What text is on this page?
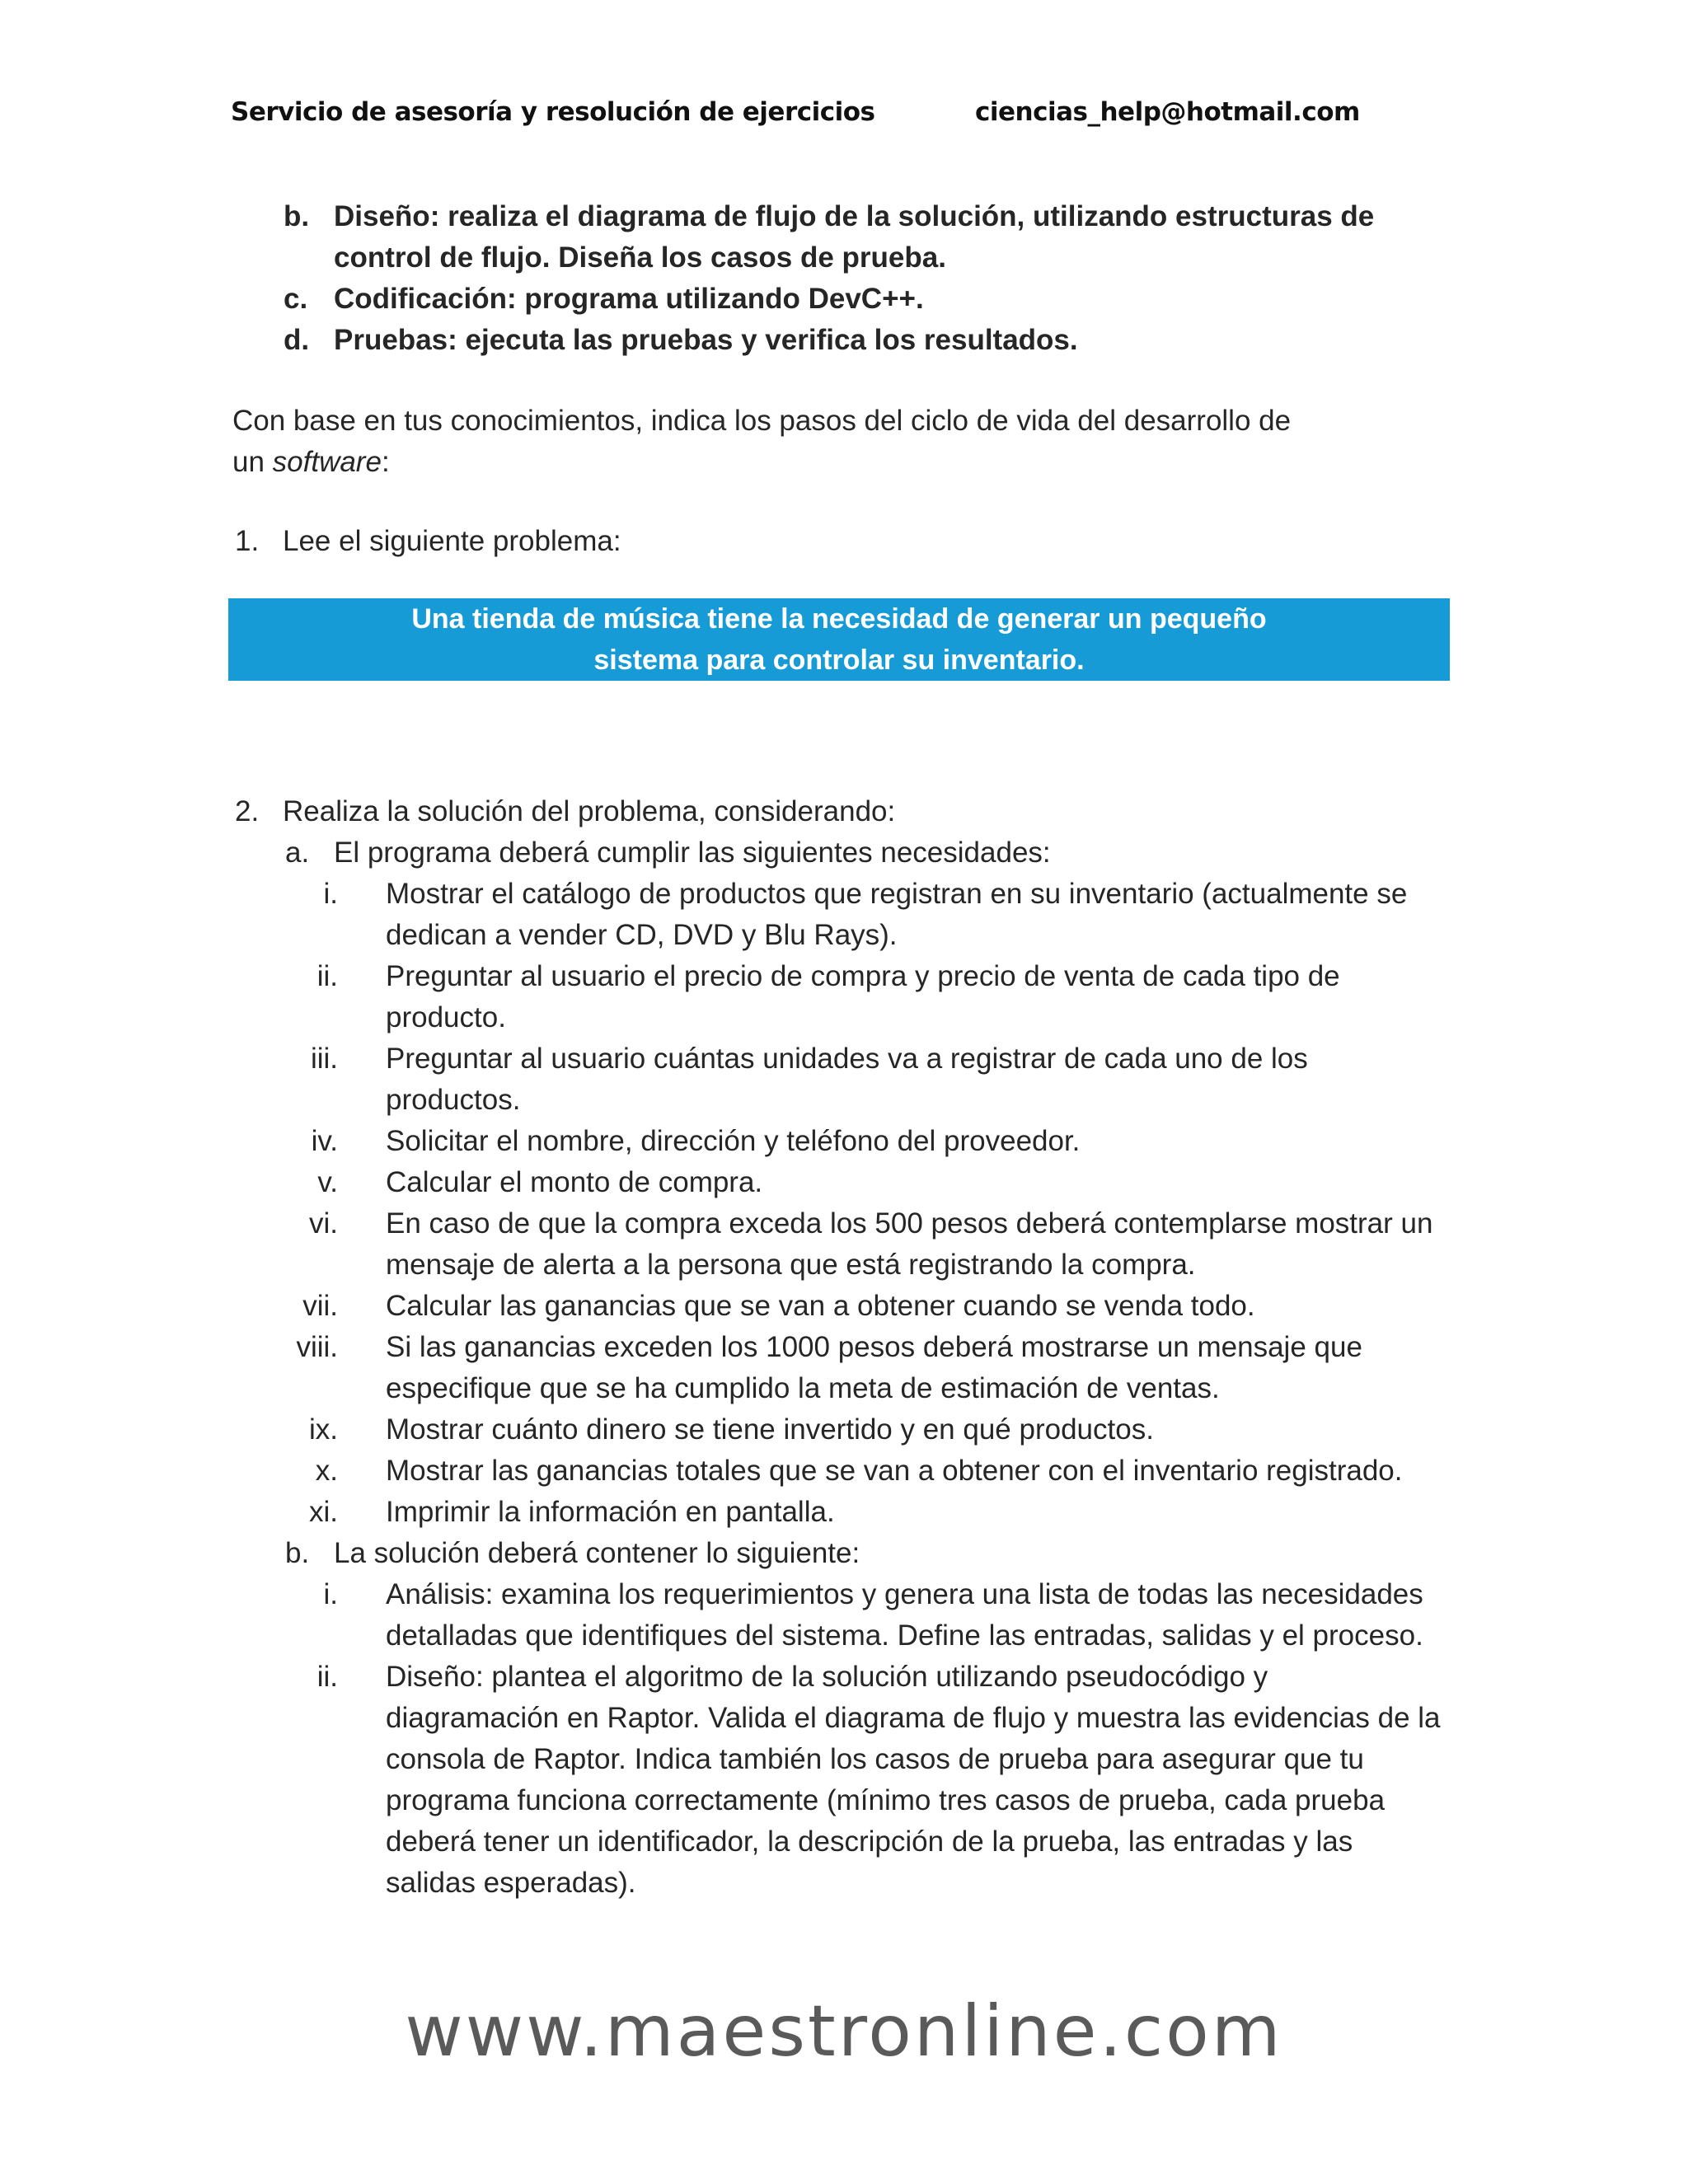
Servicio de asesoría y resolución de ejercicios	ciencias_help@hotmail.com
b. Diseño: realiza el diagrama de flujo de la solución, utilizando estructuras de
control de flujo. Diseña los casos de prueba.
c. Codificación: programa utilizando DevC++.
d. Pruebas: ejecuta las pruebas y verifica los resultados.
Con base en tus conocimientos, indica los pasos del ciclo de vida del desarrollo de
un software:
1. Lee el siguiente problema:
Una tienda de música tiene la necesidad de generar un pequeño
sistema para controlar su inventario.
2. Realiza la solución del problema, considerando:
a. El programa deberá cumplir las siguientes necesidades:
i. Mostrar el catálogo de productos que registran en su inventario (actualmente se
dedican a vender CD, DVD y Blu Rays).
ii. Preguntar al usuario el precio de compra y precio de venta de cada tipo de
producto.
iii. Preguntar al usuario cuántas unidades va a registrar de cada uno de los
productos.
iv. Solicitar el nombre, dirección y teléfono del proveedor.
v. Calcular el monto de compra.
vi. En caso de que la compra exceda los 500 pesos deberá contemplarse mostrar un
mensaje de alerta a la persona que está registrando la compra.
vii. Calcular las ganancias que se van a obtener cuando se venda todo.
viii. Si las ganancias exceden los 1000 pesos deberá mostrarse un mensaje que
especifique que se ha cumplido la meta de estimación de ventas.
ix. Mostrar cuánto dinero se tiene invertido y en qué productos.
x. Mostrar las ganancias totales que se van a obtener con el inventario registrado.
xi. Imprimir la información en pantalla.
b. La solución deberá contener lo siguiente:
i. Análisis: examina los requerimientos y genera una lista de todas las necesidades
detalladas que identifiques del sistema. Define las entradas, salidas y el proceso.
ii. Diseño: plantea el algoritmo de la solución utilizando pseudocódigo y
diagramación en Raptor. Valida el diagrama de flujo y muestra las evidencias de la
consola de Raptor. Indica también los casos de prueba para asegurar que tu
programa funciona correctamente (mínimo tres casos de prueba, cada prueba
deberá tener un identificador, la descripción de la prueba, las entradas y las
salidas esperadas).
www.maestronline.com
